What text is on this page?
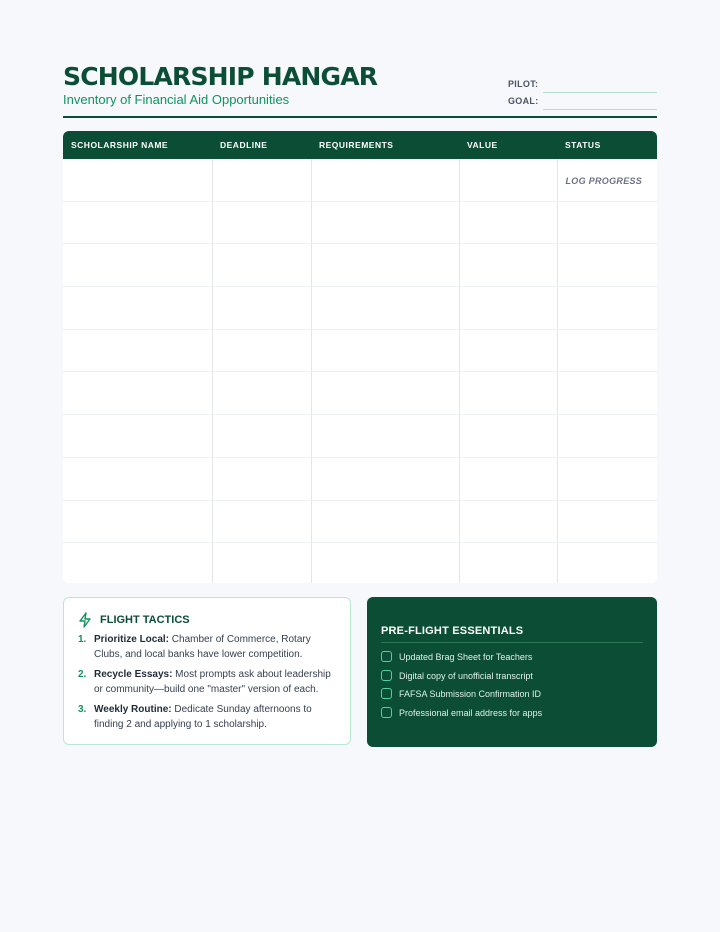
SCHOLARSHIP HANGAR
Inventory of Financial Aid Opportunities
PILOT:
GOAL:
SCHOLARSHIP NAME	DEADLINE	REQUIREMENTS	VALUE	STATUS
				LOG PROGRESS

FLIGHT TACTICS
1. Prioritize Local: Chamber of Commerce, Rotary Clubs, and local banks have lower competition.
2. Recycle Essays: Most prompts ask about leadership or community—build one "master" version of each.
3. Weekly Routine: Dedicate Sunday afternoons to finding 2 and applying to 1 scholarship.
PRE-FLIGHT ESSENTIALS
Updated Brag Sheet for Teachers
Digital copy of unofficial transcript
FAFSA Submission Confirmation ID
Professional email address for apps
